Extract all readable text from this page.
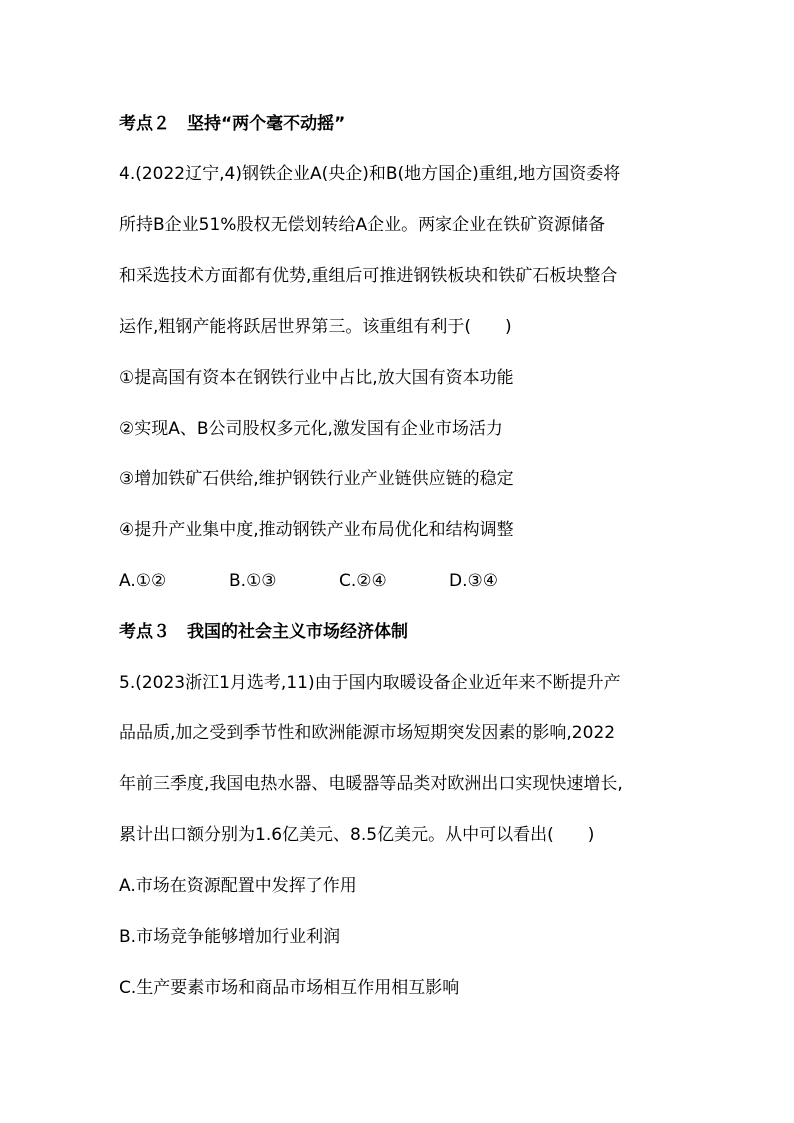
考点２　坚持“两个毫不动摇”
4.(2022辽宁,4)钢铁企业A(央企)和B(地方国企)重组,地方国资委将
所持B企业51%股权无偿划转给A企业。两家企业在铁矿资源储备
和采选技术方面都有优势,重组后可推进钢铁板块和铁矿石板块整合
运作,粗钢产能将跃居世界第三。该重组有利于(　　)
①提高国有资本在钢铁行业中占比,放大国有资本功能
②实现A、B公司股权多元化,激发国有企业市场活力
③增加铁矿石供给,维护钢铁行业产业链供应链的稳定
④提升产业集中度,推动钢铁产业布局优化和结构调整
A.①②	B.①③	C.②④	D.③④
考点３　我国的社会主义市场经济体制
5.(2023浙江1月选考,11)由于国内取暖设备企业近年来不断提升产
品品质,加之受到季节性和欧洲能源市场短期突发因素的影响,2022
年前三季度,我国电热水器、电暖器等品类对欧洲出口实现快速增长,
累计出口额分别为1.6亿美元、8.5亿美元。从中可以看出(　　)
A.市场在资源配置中发挥了作用
B.市场竞争能够增加行业利润
C.生产要素市场和商品市场相互作用相互影响
